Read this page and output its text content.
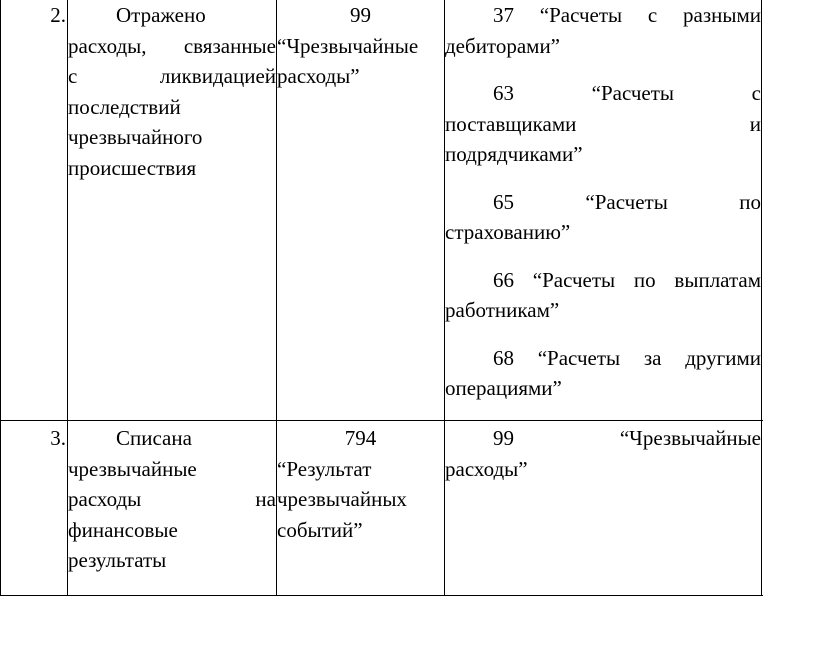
2.	Отражено
расходы, связанные
с ликвидацией
последствий
чрезвычайного
происшествия
99
“Чрезвычайные
расходы”
37 “Расчеты с разными
дебиторами”
63 “Расчеты с
поставщиками и
подрядчиками”
65 “Расчеты по
страхованию”
66 “Расчеты по выплатам
работникам”
68 “Расчеты за другими
операциями”
3.	Списана
чрезвычайные
расходы на
финансовые
результаты
794
“Результат
чрезвычайных
событий”
99 “Чрезвычайные
расходы”
